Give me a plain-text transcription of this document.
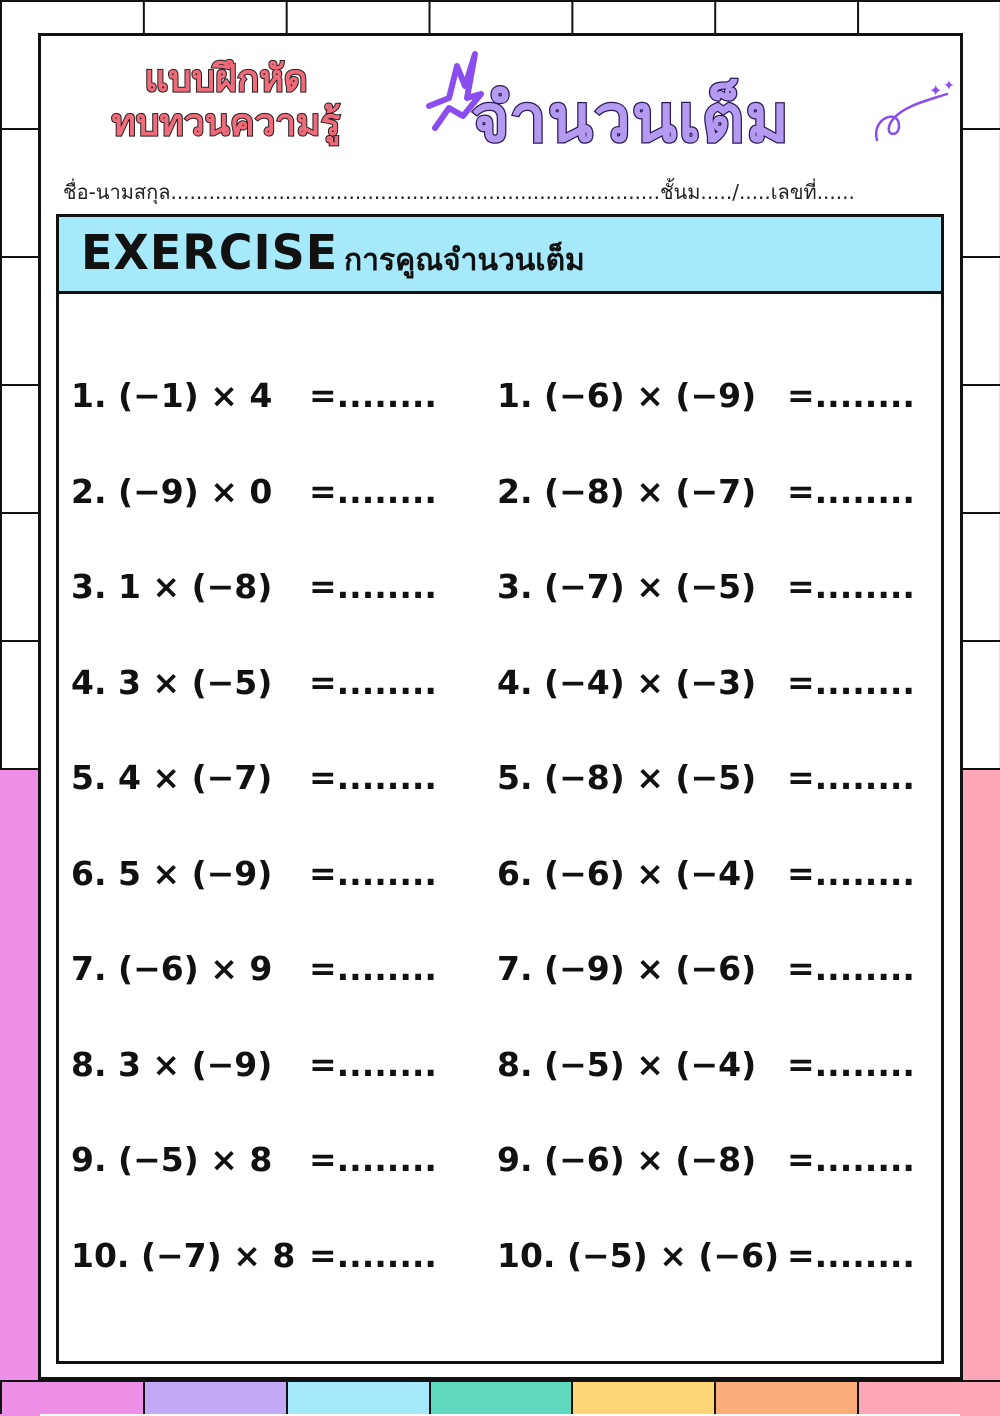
แบบฝึกหัด
ทบทวนความรู้	จำนวนเต็ม	✦ ✦
ชื่อ-นามสกุล.............................................................................ชั้นม...../.....เลขที่......
EXERCISE การคูณจำนวนเต็ม
1. (−1) × 4 =........
2. (−9) × 0 =........
3. 1 × (−8) =........
4. 3 × (−5) =........
5. 4 × (−7) =........
6. 5 × (−9) =........
7. (−6) × 9 =........
8. 3 × (−9) =........
9. (−5) × 8 =........
10. (−7) × 8 =........
1. (−6) × (−9) =........
2. (−8) × (−7) =........
3. (−7) × (−5) =........
4. (−4) × (−3) =........
5. (−8) × (−5) =........
6. (−6) × (−4) =........
7. (−9) × (−6) =........
8. (−5) × (−4) =........
9. (−6) × (−8) =........
10. (−5) × (−6) =........
